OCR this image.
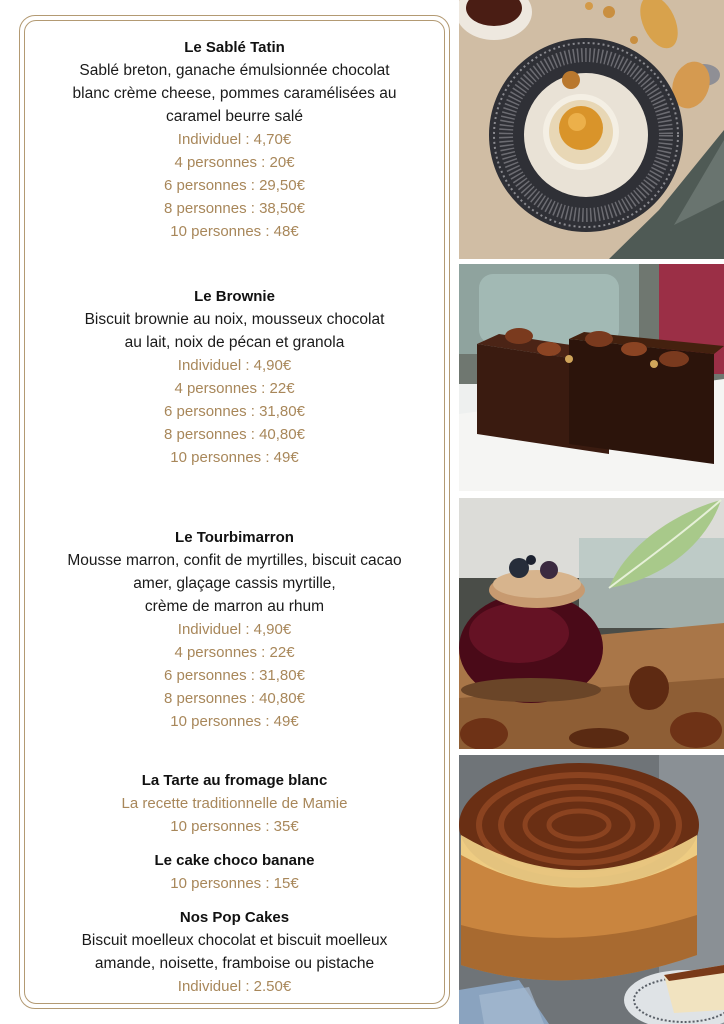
Le Sablé Tatin
Sablé breton, ganache émulsionnée chocolat
blanc crème cheese, pommes caramélisées au
caramel beurre salé
Individuel : 4,70€
4 personnes : 20€
6 personnes : 29,50€
8 personnes : 38,50€
10 personnes : 48€
Le Brownie
Biscuit brownie au noix, mousseux chocolat
au lait, noix de pécan et granola
Individuel : 4,90€
4 personnes : 22€
6 personnes : 31,80€
8 personnes : 40,80€
10 personnes : 49€
Le Tourbimarron
Mousse marron, confit de myrtilles, biscuit cacao
amer, glaçage cassis myrtille,
crème de marron au rhum
Individuel : 4,90€
4 personnes : 22€
6 personnes : 31,80€
8 personnes : 40,80€
10 personnes : 49€
La Tarte au fromage blanc
La recette traditionnelle de Mamie
10 personnes : 35€
Le cake choco banane
10 personnes : 15€
Nos Pop Cakes
Biscuit moelleux chocolat et biscuit moelleux
amande, noisette, framboise ou pistache
Individuel : 2.50€
